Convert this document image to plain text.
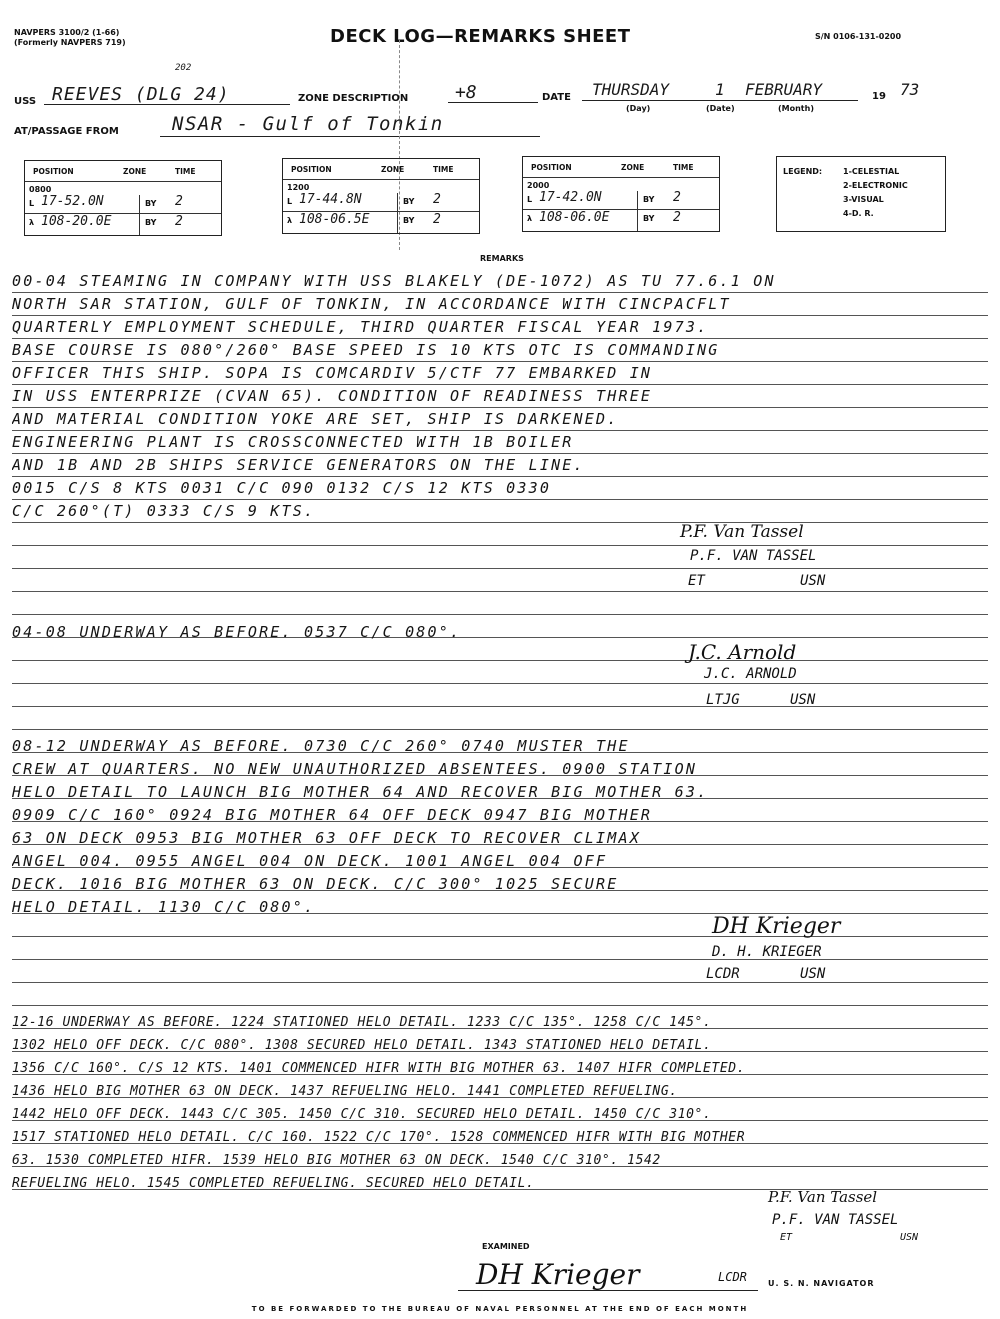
NAVPERS 3100/2 (1-66)
(Formerly NAVPERS 719)	DECK LOG—REMARKS SHEET	S/N 0106-131-0200
202
USS REEVES (DLG 24)	ZONE DESCRIPTION	+8	DATE THURSDAY	1 FEBRUARY	19 73
(Day)	(Date)	(Month)
AT/PASSAGE FROM	NSAR - Gulf of Tonkin
POSITION	ZONE	TIME
0800
L 17-52.0N	BY 2
λ 108-20.0E	BY 2
POSITION	ZONE	TIME
1200
L 17-44.8N	BY 2
λ 108-06.5E	BY 2
POSITION	ZONE	TIME
2000
L 17-42.0N	BY 2
λ 108-06.0E	BY 2
LEGEND:	1-CELESTIAL
2-ELECTRONIC
3-VISUAL
4-D. R.
REMARKS
00-04 STEAMING IN COMPANY WITH USS BLAKELY (DE-1072) AS TU 77.6.1 ON
NORTH SAR STATION, GULF OF TONKIN, IN ACCORDANCE WITH CINCPACFLT
QUARTERLY EMPLOYMENT SCHEDULE, THIRD QUARTER FISCAL YEAR 1973.
BASE COURSE IS 080°/260° BASE SPEED IS 10 KTS OTC IS COMMANDING
OFFICER THIS SHIP. SOPA IS COMCARDIV 5/CTF 77 EMBARKED IN
IN USS ENTERPRIZE (CVAN 65). CONDITION OF READINESS THREE
AND MATERIAL CONDITION YOKE ARE SET, SHIP IS DARKENED.
ENGINEERING PLANT IS CROSSCONNECTED WITH 1B BOILER
AND 1B AND 2B SHIPS SERVICE GENERATORS ON THE LINE.
0015 C/S 8 KTS 0031 C/C 090 0132 C/S 12 KTS 0330
C/C 260°(T) 0333 C/S 9 KTS.
P.F. Van Tassel
P.F. VAN TASSEL
ET	USN
04-08 UNDERWAY AS BEFORE. 0537 C/C 080°.
J.C. Arnold
J.C. ARNOLD
LTJG	USN
08-12 UNDERWAY AS BEFORE. 0730 C/C 260° 0740 MUSTER THE
CREW AT QUARTERS. NO NEW UNAUTHORIZED ABSENTEES. 0900 STATION
HELO DETAIL TO LAUNCH BIG MOTHER 64 AND RECOVER BIG MOTHER 63.
0909 C/C 160° 0924 BIG MOTHER 64 OFF DECK 0947 BIG MOTHER
63 ON DECK 0953 BIG MOTHER 63 OFF DECK TO RECOVER CLIMAX
ANGEL 004. 0955 ANGEL 004 ON DECK. 1001 ANGEL 004 OFF
DECK. 1016 BIG MOTHER 63 ON DECK. C/C 300° 1025 SECURE
HELO DETAIL. 1130 C/C 080°.
DH Krieger
D. H. KRIEGER
LCDR	USN
12-16 UNDERWAY AS BEFORE. 1224 STATIONED HELO DETAIL. 1233 C/C 135°. 1258 C/C 145°.
1302 HELO OFF DECK. C/C 080°. 1308 SECURED HELO DETAIL. 1343 STATIONED HELO DETAIL.
1356 C/C 160°. C/S 12 KTS. 1401 COMMENCED HIFR WITH BIG MOTHER 63. 1407 HIFR COMPLETED.
1436 HELO BIG MOTHER 63 ON DECK. 1437 REFUELING HELO. 1441 COMPLETED REFUELING.
1442 HELO OFF DECK. 1443 C/C 305. 1450 C/C 310. SECURED HELO DETAIL. 1450 C/C 310°.
1517 STATIONED HELO DETAIL. C/C 160. 1522 C/C 170°. 1528 COMMENCED HIFR WITH BIG MOTHER
63. 1530 COMPLETED HIFR. 1539 HELO BIG MOTHER 63 ON DECK. 1540 C/C 310°. 1542
REFUELING HELO. 1545 COMPLETED REFUELING. SECURED HELO DETAIL.
P.F. Van Tassel
P.F. VAN TASSEL
ET	USN
EXAMINED
DH Krieger	LCDR	U. S. N. NAVIGATOR
TO BE FORWARDED TO THE BUREAU OF NAVAL PERSONNEL AT THE END OF EACH MONTH
